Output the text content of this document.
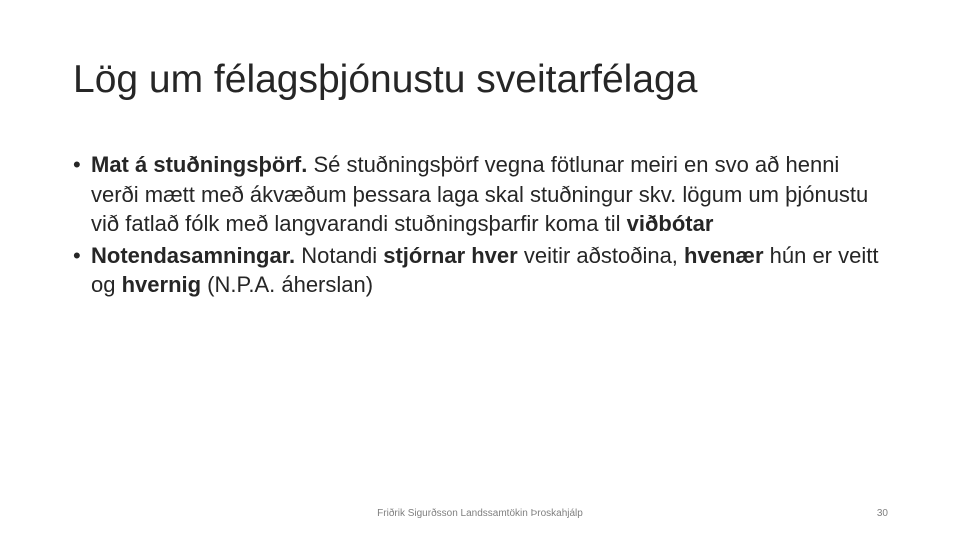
Lög um félagsþjónustu sveitarfélaga

• Mat á stuðningsþörf. Sé stuðningsþörf vegna fötlunar meiri en svo að henni verði mætt með ákvæðum þessara laga skal stuðningur skv. lögum um þjónustu við fatlað fólk með langvarandi stuðningsþarfir koma til viðbótar

• Notendasamningar. Notandi stjórnar hver veitir aðstoðina, hvenær hún er veitt og hvernig (N.P.A. áherslan)

Friðrik Sigurðsson Landssamtökin Þroskahjálp	30
